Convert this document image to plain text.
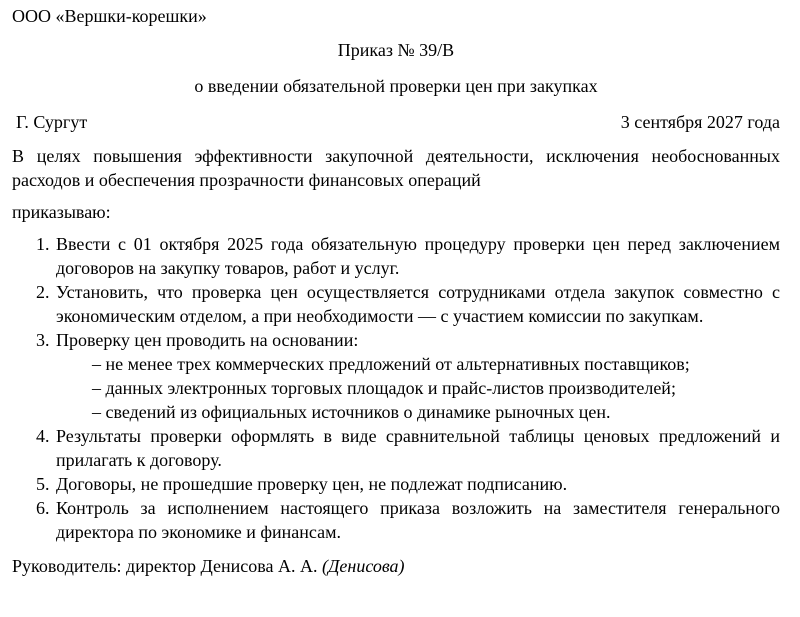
ООО «Вершки-корешки»

Приказ № 39/В

о введении обязательной проверки цен при закупках

Г. Сургут	3 сентября 2027 года

В целях повышения эффективности закупочной деятельности, исключения необоснованных расходов и обеспечения прозрачности финансовых операций

приказываю:

1. Ввести с 01 октября 2025 года обязательную процедуру проверки цен перед заключением договоров на закупку товаров, работ и услуг.
2. Установить, что проверка цен осуществляется сотрудниками отдела закупок совместно с экономическим отделом, а при необходимости — с участием комиссии по закупкам.
3. Проверку цен проводить на основании:
– не менее трех коммерческих предложений от альтернативных поставщиков;
– данных электронных торговых площадок и прайс-листов производителей;
– сведений из официальных источников о динамике рыночных цен.
4. Результаты проверки оформлять в виде сравнительной таблицы ценовых предложений и прилагать к договору.
5. Договоры, не прошедшие проверку цен, не подлежат подписанию.
6. Контроль за исполнением настоящего приказа возложить на заместителя генерального директора по экономике и финансам.

Руководитель: директор Денисова А. А. (Денисова)
